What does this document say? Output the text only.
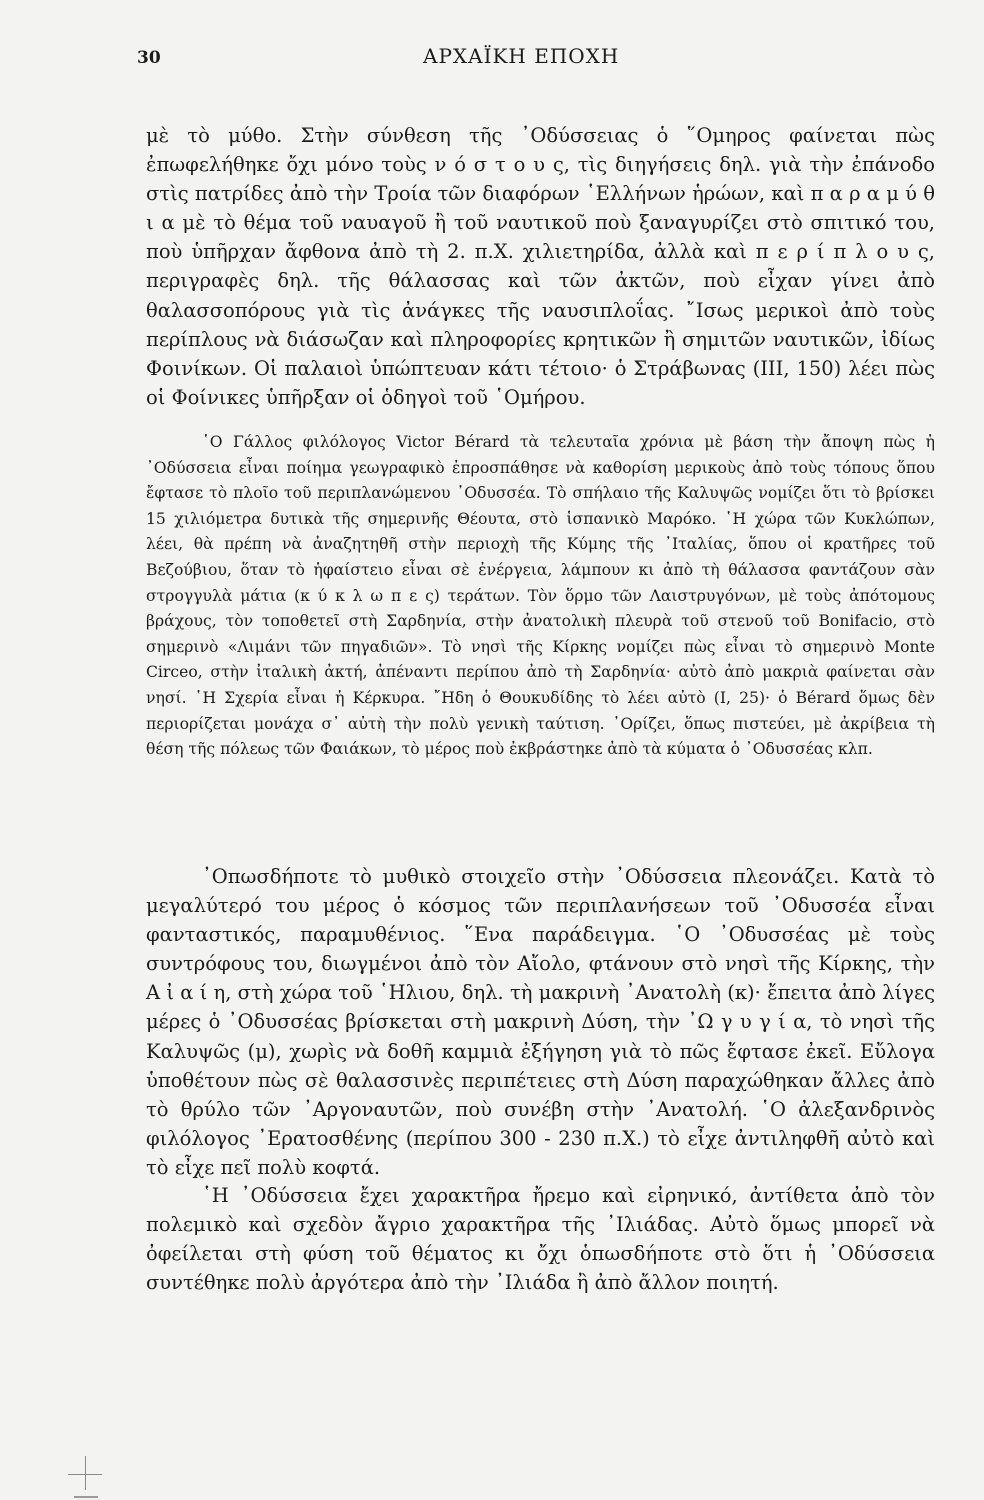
30	ΑΡΧΑΪΚΗ ΕΠΟΧΗ

μὲ τὸ μύθο. Στὴν σύνθεση τῆς ᾿Οδύσσειας ὁ ῞Ομηρος φαίνεται πὼς ἐπωφελήθηκε ὄχι μόνο τοὺς ν ό σ τ ο υ ς, τὶς διηγήσεις δηλ. γιὰ τὴν ἐπάνοδο στὶς πατρίδες ἀπὸ τὴν Τροία τῶν διαφόρων ῾Ελλήνων ἡρώων, καὶ π α ρ α μ ύ θ ι α μὲ τὸ θέμα τοῦ ναυαγοῦ ἢ τοῦ ναυτικοῦ ποὺ ξαναγυρίζει στὸ σπιτικό του, ποὺ ὑπῆρχαν ἄφθονα ἀπὸ τὴ 2. π.Χ. χιλιετηρίδα, ἀλλὰ καὶ π ε ρ ί π λ ο υ ς, περιγραφὲς δηλ. τῆς θάλασσας καὶ τῶν ἀκτῶν, ποὺ εἶχαν γίνει ἀπὸ θαλασσοπόρους γιὰ τὶς ἀνάγκες τῆς ναυσιπλοΐας. ῎Ισως μερικοὶ ἀπὸ τοὺς περίπλους νὰ διάσωζαν καὶ πληροφορίες κρητικῶν ἢ σημιτῶν ναυτικῶν, ἰδίως Φοινίκων. Οἱ παλαιοὶ ὑπώπτευαν κάτι τέτοιο· ὁ Στράβωνας (ΙΙΙ, 150) λέει πὼς οἱ Φοίνικες ὑπῆρξαν οἱ ὁδηγοὶ τοῦ ῾Ομήρου.

῾Ο Γάλλος φιλόλογος Victor Bérard τὰ τελευταῖα χρόνια μὲ βάση τὴν ἄποψη πὼς ἡ ᾿Οδύσσεια εἶναι ποίημα γεωγραφικὸ ἐπροσπάθησε νὰ καθορίση μερικοὺς ἀπὸ τοὺς τόπους ὅπου ἔφτασε τὸ πλοῖο τοῦ περιπλανώμενου ᾿Οδυσσέα. Τὸ σπήλαιο τῆς Καλυψῶς νομίζει ὅτι τὸ βρίσκει 15 χιλιόμετρα δυτικὰ τῆς σημερινῆς Θέουτα, στὸ ἱσπανικὸ Μαρόκο. ῾Η χώρα τῶν Κυκλώπων, λέει, θὰ πρέπη νὰ ἀναζητηθῆ στὴν περιοχὴ τῆς Κύμης τῆς ᾿Ιταλίας, ὅπου οἱ κρατῆρες τοῦ Βεζούβιου, ὅταν τὸ ἡφαίστειο εἶναι σὲ ἐνέργεια, λάμπουν κι ἀπὸ τὴ θάλασσα φαντάζουν σὰν στρογγυλὰ μάτια (κ ύ κ λ ω π ε ς) τεράτων. Τὸν ὅρμο τῶν Λαιστρυγόνων, μὲ τοὺς ἀπότομους βράχους, τὸν τοποθετεῖ στὴ Σαρδηνία, στὴν ἀνατολικὴ πλευρὰ τοῦ στενοῦ τοῦ Bonifacio, στὸ σημερινὸ «Λιμάνι τῶν πηγαδιῶν». Τὸ νησὶ τῆς Κίρκης νομίζει πὼς εἶναι τὸ σημερινὸ Monte Circeo, στὴν ἰταλικὴ ἀκτή, ἀπέναντι περίπου ἀπὸ τὴ Σαρδηνία· αὐτὸ ἀπὸ μακριὰ φαίνεται σὰν νησί. ῾Η Σχερία εἶναι ἡ Κέρκυρα. ῎Ηδη ὁ Θουκυδίδης τὸ λέει αὐτὸ (Ι, 25)· ὁ Bérard ὅμως δὲν περιορίζεται μονάχα σ᾿ αὐτὴ τὴν πολὺ γενικὴ ταύτιση. ᾿Ορίζει, ὅπως πιστεύει, μὲ ἀκρίβεια τὴ θέση τῆς πόλεως τῶν Φαιάκων, τὸ μέρος ποὺ ἐκβράστηκε ἀπὸ τὰ κύματα ὁ ᾿Οδυσσέας κλπ.

᾿Οπωσδήποτε τὸ μυθικὸ στοιχεῖο στὴν ᾿Οδύσσεια πλεονάζει. Κατὰ τὸ μεγαλύτερό του μέρος ὁ κόσμος τῶν περιπλανήσεων τοῦ ᾿Οδυσσέα εἶναι φανταστικός, παραμυθένιος. ῞Ενα παράδειγμα. ῾Ο ᾿Οδυσσέας μὲ τοὺς συντρόφους του, διωγμένοι ἀπὸ τὸν Αἴολο, φτάνουν στὸ νησὶ τῆς Κίρκης, τὴν Α ἰ α ί η, στὴ χώρα τοῦ ῾Ηλιου, δηλ. τὴ μακρινὴ ᾿Ανατολὴ (κ)· ἔπειτα ἀπὸ λίγες μέρες ὁ ᾿Οδυσσέας βρίσκεται στὴ μακρινὴ Δύση, τὴν ᾿Ω γ υ γ ί α, τὸ νησὶ τῆς Καλυψῶς (μ), χωρὶς νὰ δοθῆ καμμιὰ ἐξήγηση γιὰ τὸ πῶς ἔφτασε ἐκεῖ. Εὔλογα ὑποθέτουν πὼς σὲ θαλασσινὲς περιπέτειες στὴ Δύση παραχώθηκαν ἄλλες ἀπὸ τὸ θρύλο τῶν ᾿Αργοναυτῶν, ποὺ συνέβη στὴν ᾿Ανατολή. ῾Ο ἀλεξανδρινὸς φιλόλογος ᾿Ερατοσθένης (περίπου 300 - 230 π.Χ.) τὸ εἶχε ἀντιληφθῆ αὐτὸ καὶ τὸ εἶχε πεῖ πολὺ κοφτά.

῾Η ᾿Οδύσσεια ἔχει χαρακτῆρα ἤρεμο καὶ εἰρηνικό, ἀντίθετα ἀπὸ τὸν πολεμικὸ καὶ σχεδὸν ἄγριο χαρακτῆρα τῆς ᾿Ιλιάδας. Αὐτὸ ὅμως μπορεῖ νὰ ὀφείλεται στὴ φύση τοῦ θέματος κι ὄχι ὁπωσδήποτε στὸ ὅτι ἡ ᾿Οδύσσεια συντέθηκε πολὺ ἀργότερα ἀπὸ τὴν ᾿Ιλιάδα ἢ ἀπὸ ἄλλον ποιητή.
